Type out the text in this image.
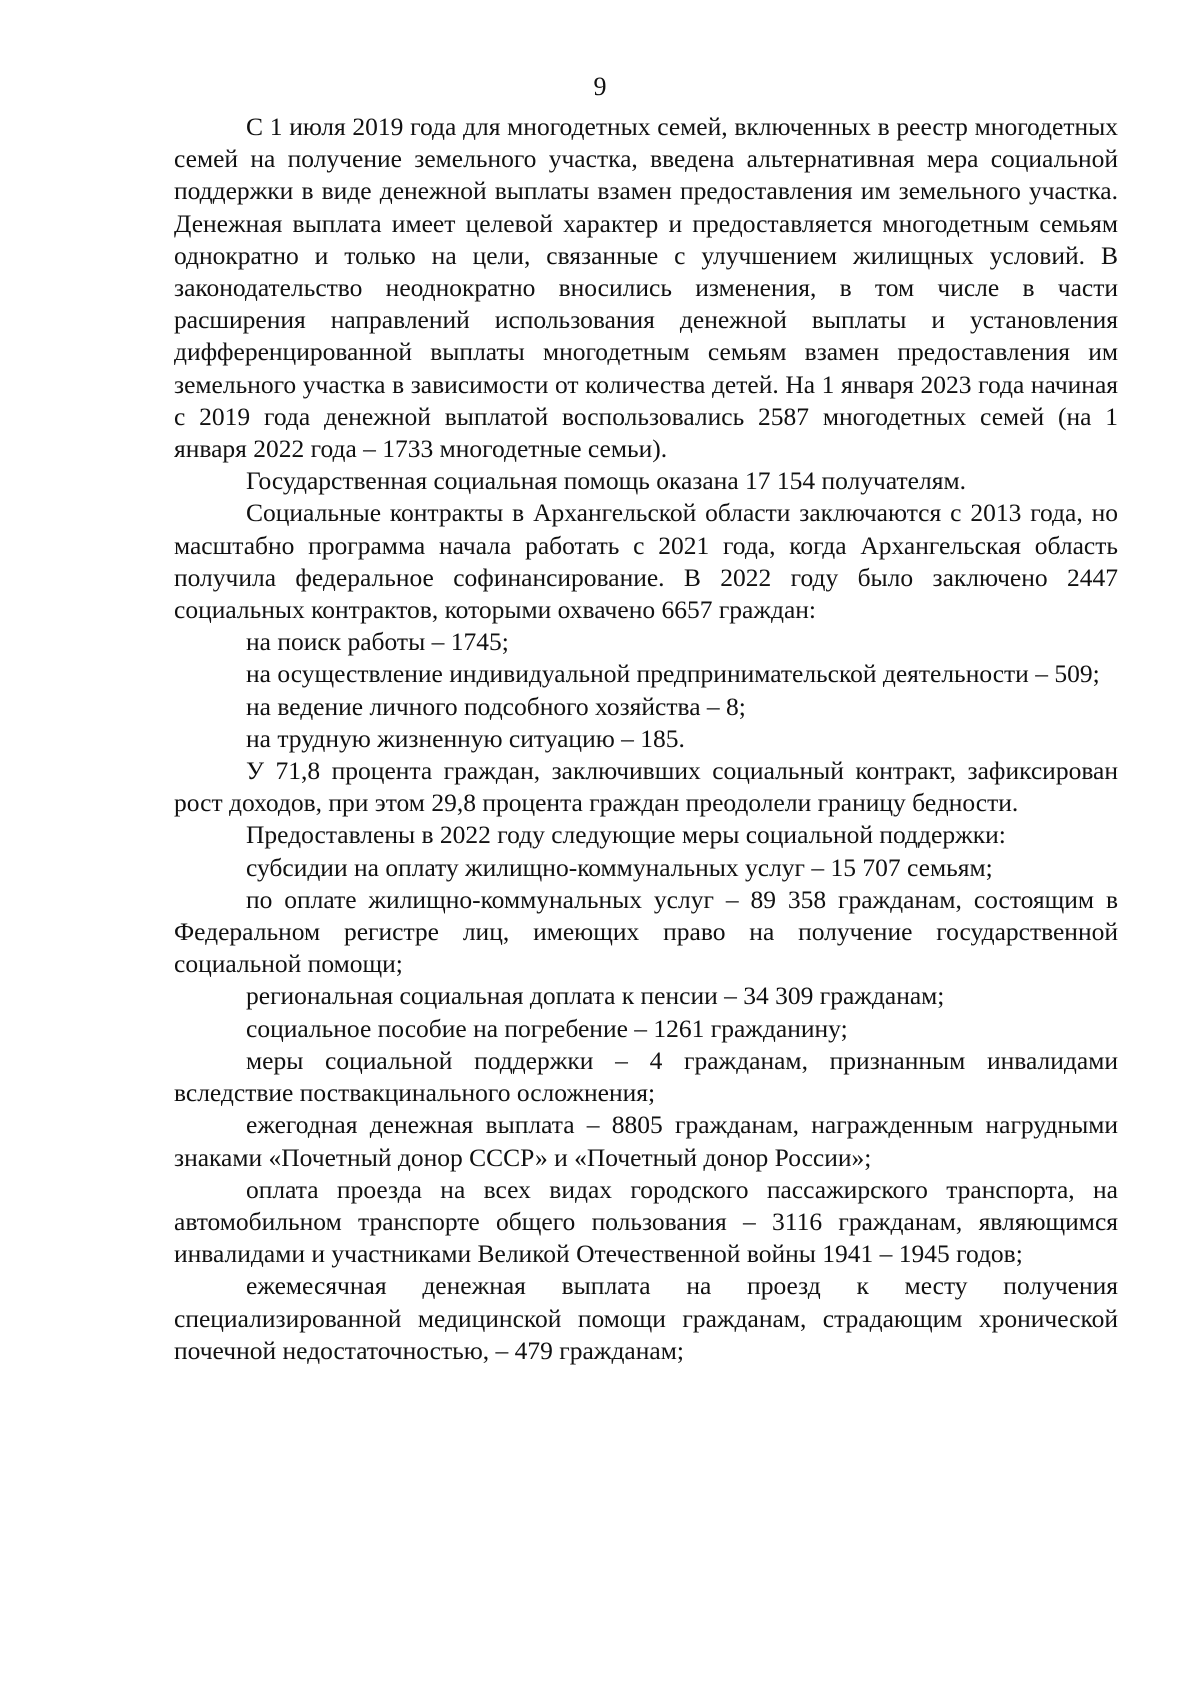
9

С 1 июля 2019 года для многодетных семей, включенных в реестр многодетных семей на получение земельного участка, введена альтернативная мера социальной поддержки в виде денежной выплаты взамен предоставления им земельного участка. Денежная выплата имеет целевой характер и предоставляется многодетным семьям однократно и только на цели, связанные с улучшением жилищных условий. В законодательство неоднократно вносились изменения, в том числе в части расширения направлений использования денежной выплаты и установления дифференцированной выплаты многодетным семьям взамен предоставления им земельного участка в зависимости от количества детей. На 1 января 2023 года начиная с 2019 года денежной выплатой воспользовались 2587 многодетных семей (на 1 января 2022 года – 1733 многодетные семьи).

Государственная социальная помощь оказана 17 154 получателям.

Социальные контракты в Архангельской области заключаются с 2013 года, но масштабно программа начала работать с 2021 года, когда Архангельская область получила федеральное софинансирование. В 2022 году было заключено 2447 социальных контрактов, которыми охвачено 6657 граждан:

на поиск работы – 1745;

на осуществление индивидуальной предпринимательской деятельности – 509;

на ведение личного подсобного хозяйства – 8;

на трудную жизненную ситуацию – 185.

У 71,8 процента граждан, заключивших социальный контракт, зафиксирован рост доходов, при этом 29,8 процента граждан преодолели границу бедности.

Предоставлены в 2022 году следующие меры социальной поддержки:

субсидии на оплату жилищно-коммунальных услуг – 15 707 семьям;

по оплате жилищно-коммунальных услуг – 89 358 гражданам, состоящим в Федеральном регистре лиц, имеющих право на получение государственной социальной помощи;

региональная социальная доплата к пенсии – 34 309 гражданам;

социальное пособие на погребение – 1261 гражданину;

меры социальной поддержки – 4 гражданам, признанным инвалидами вследствие поствакцинального осложнения;

ежегодная денежная выплата – 8805 гражданам, награжденным нагрудными знаками «Почетный донор СССР» и «Почетный донор России»;

оплата проезда на всех видах городского пассажирского транспорта, на автомобильном транспорте общего пользования – 3116 гражданам, являющимся инвалидами и участниками Великой Отечественной войны 1941 – 1945 годов;

ежемесячная денежная выплата на проезд к месту получения специализированной медицинской помощи гражданам, страдающим хронической почечной недостаточностью, – 479 гражданам;
